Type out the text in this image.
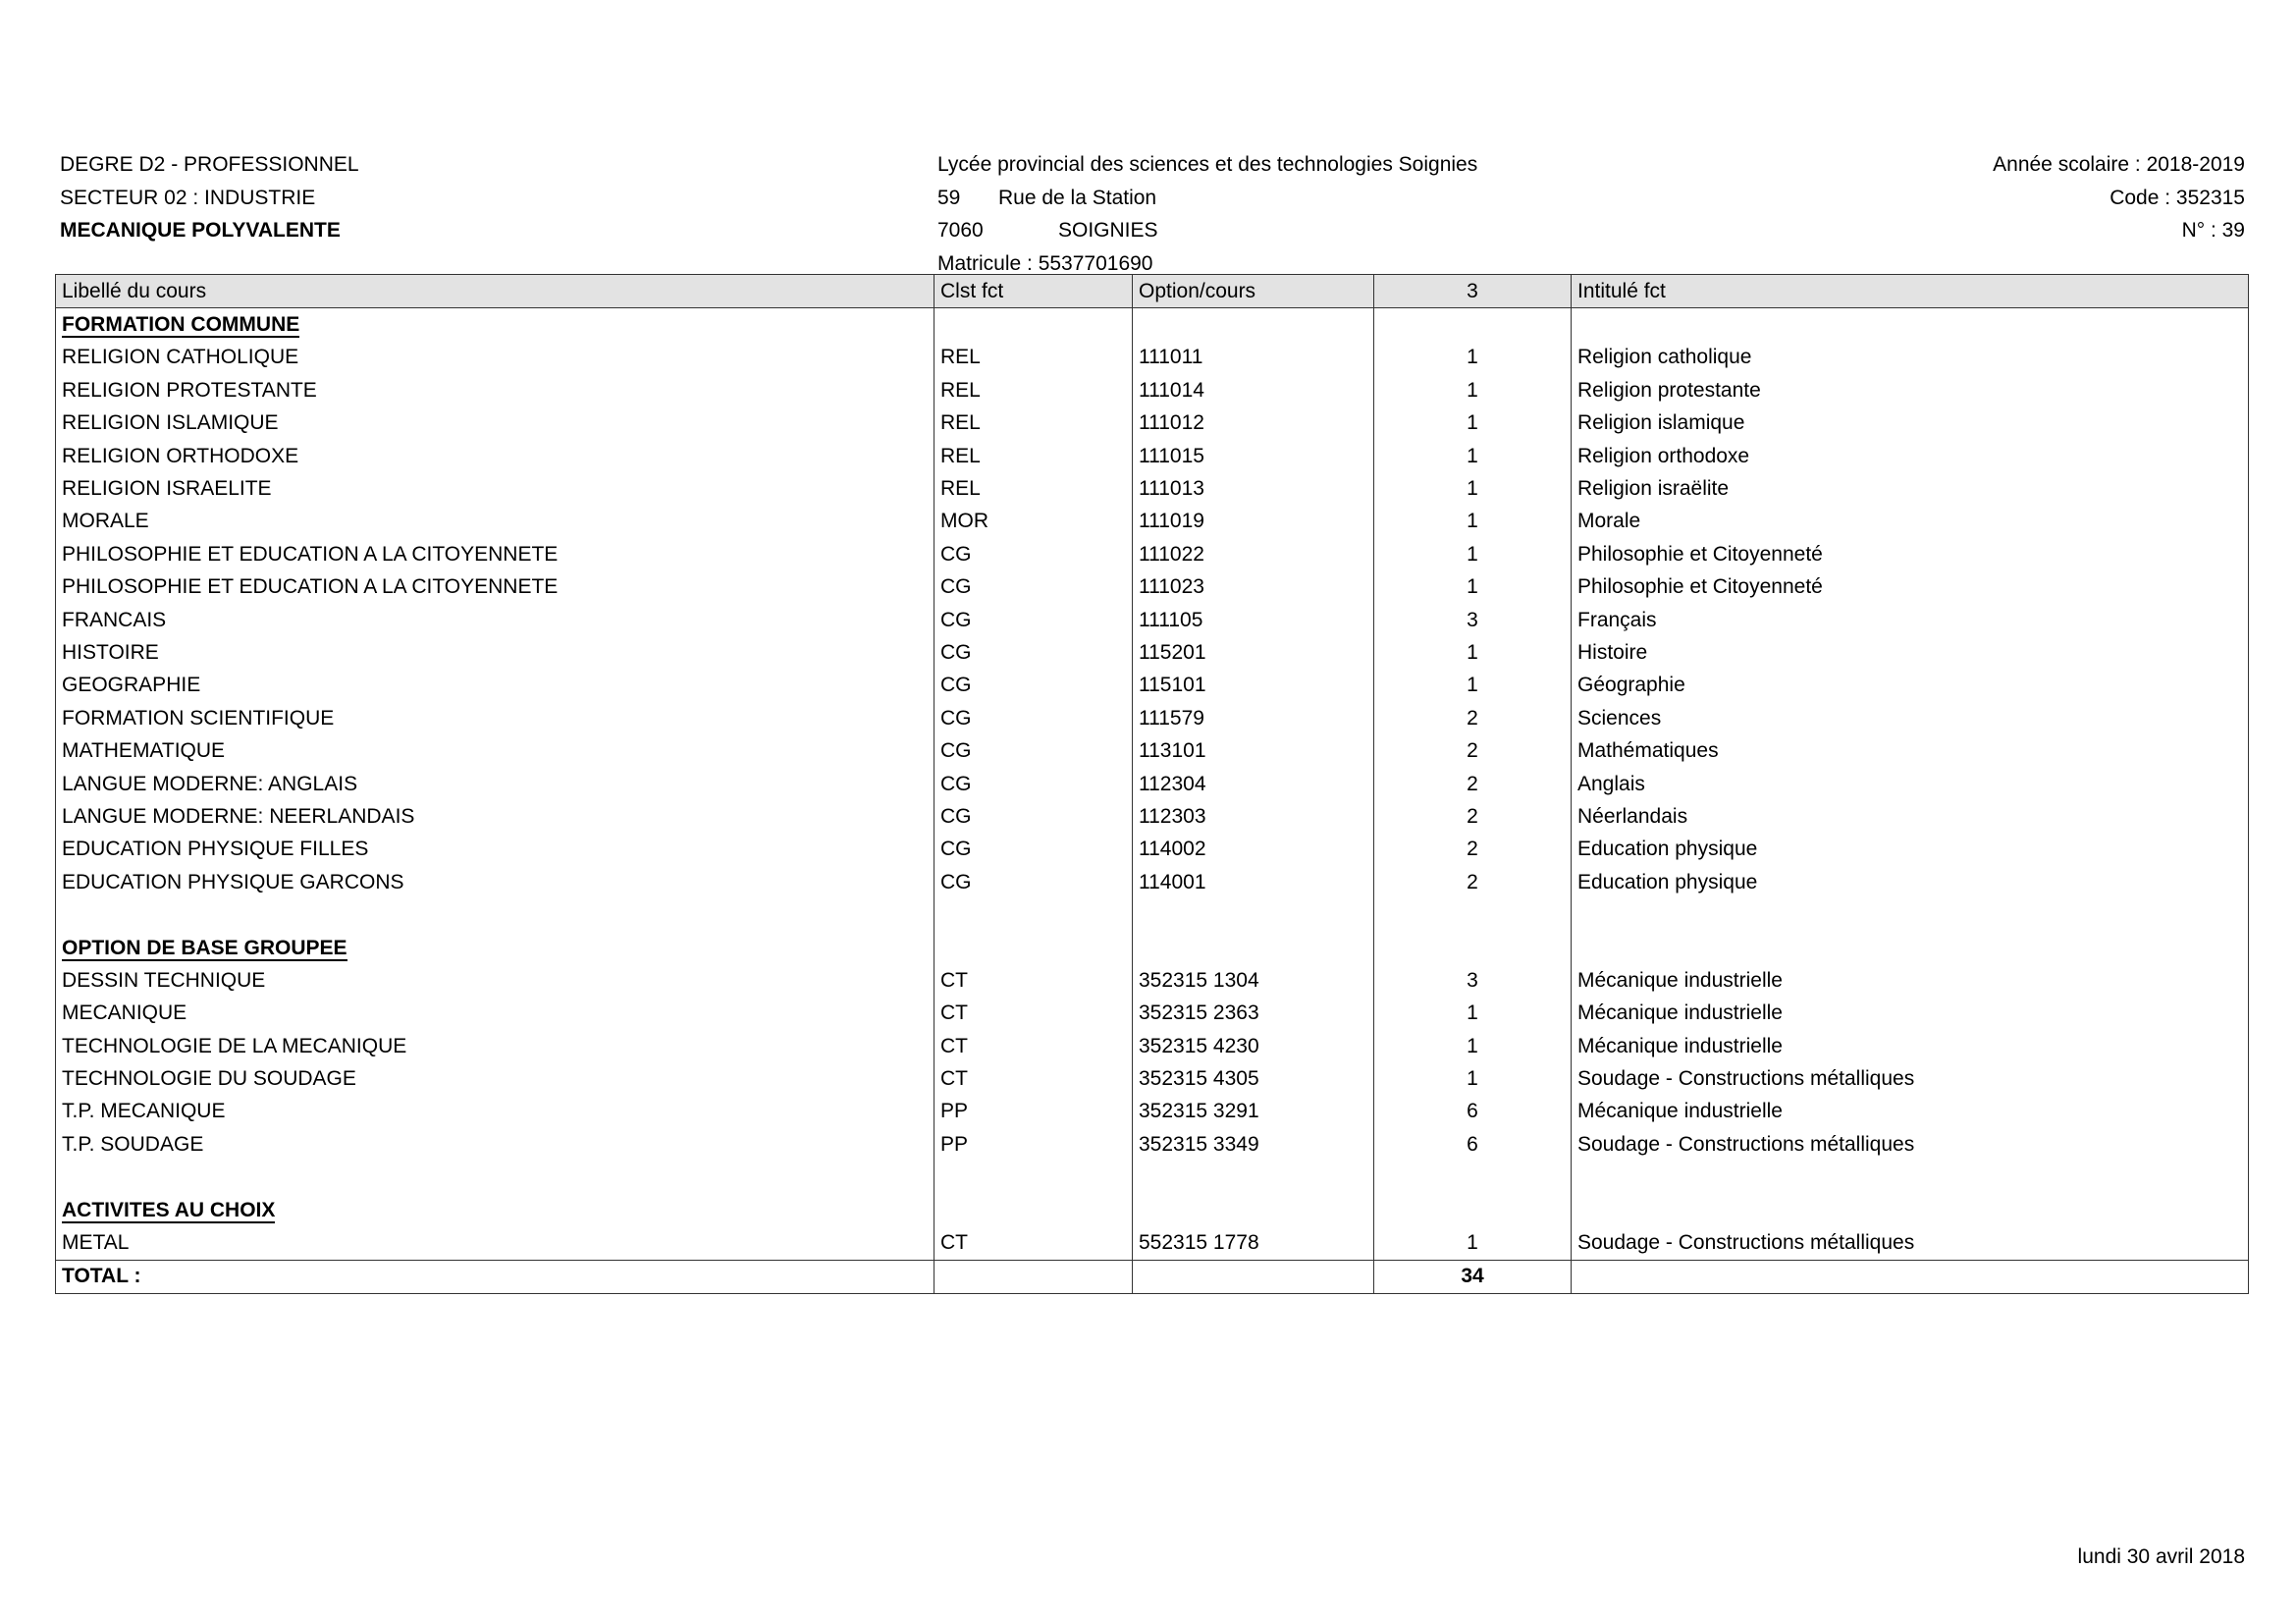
DEGRE D2 - PROFESSIONNEL
SECTEUR 02 : INDUSTRIE
MECANIQUE POLYVALENTE
Lycée provincial des sciences et des technologies Soignies
59 Rue de la Station
7060	SOIGNIES
Matricule : 5537701690
Année scolaire : 2018-2019
Code : 352315
N° : 39
Libellé du cours	Clst fct	Option/cours	3	Intitulé fct
FORMATION COMMUNE				
RELIGION CATHOLIQUE	REL	111011	1	Religion catholique
RELIGION PROTESTANTE	REL	111014	1	Religion protestante
RELIGION ISLAMIQUE	REL	111012	1	Religion islamique
RELIGION ORTHODOXE	REL	111015	1	Religion orthodoxe
RELIGION ISRAELITE	REL	111013	1	Religion israëlite
MORALE	MOR	111019	1	Morale
PHILOSOPHIE ET EDUCATION A LA CITOYENNETE	CG	111022	1	Philosophie et Citoyenneté
PHILOSOPHIE ET EDUCATION A LA CITOYENNETE	CG	111023	1	Philosophie et Citoyenneté
FRANCAIS	CG	111105	3	Français
HISTOIRE	CG	115201	1	Histoire
GEOGRAPHIE	CG	115101	1	Géographie
FORMATION SCIENTIFIQUE	CG	111579	2	Sciences
MATHEMATIQUE	CG	113101	2	Mathématiques
LANGUE MODERNE: ANGLAIS	CG	112304	2	Anglais
LANGUE MODERNE: NEERLANDAIS	CG	112303	2	Néerlandais
EDUCATION PHYSIQUE FILLES	CG	114002	2	Education physique
EDUCATION PHYSIQUE GARCONS	CG	114001	2	Education physique

OPTION DE BASE GROUPEE				
DESSIN TECHNIQUE	CT	352315 1304	3	Mécanique industrielle
MECANIQUE	CT	352315 2363	1	Mécanique industrielle
TECHNOLOGIE DE LA MECANIQUE	CT	352315 4230	1	Mécanique industrielle
TECHNOLOGIE DU SOUDAGE	CT	352315 4305	1	Soudage - Constructions métalliques
T.P. MECANIQUE	PP	352315 3291	6	Mécanique industrielle
T.P. SOUDAGE	PP	352315 3349	6	Soudage - Constructions métalliques

ACTIVITES AU CHOIX				
METAL	CT	552315 1778	1	Soudage - Constructions métalliques
TOTAL :			34	
lundi 30 avril 2018
